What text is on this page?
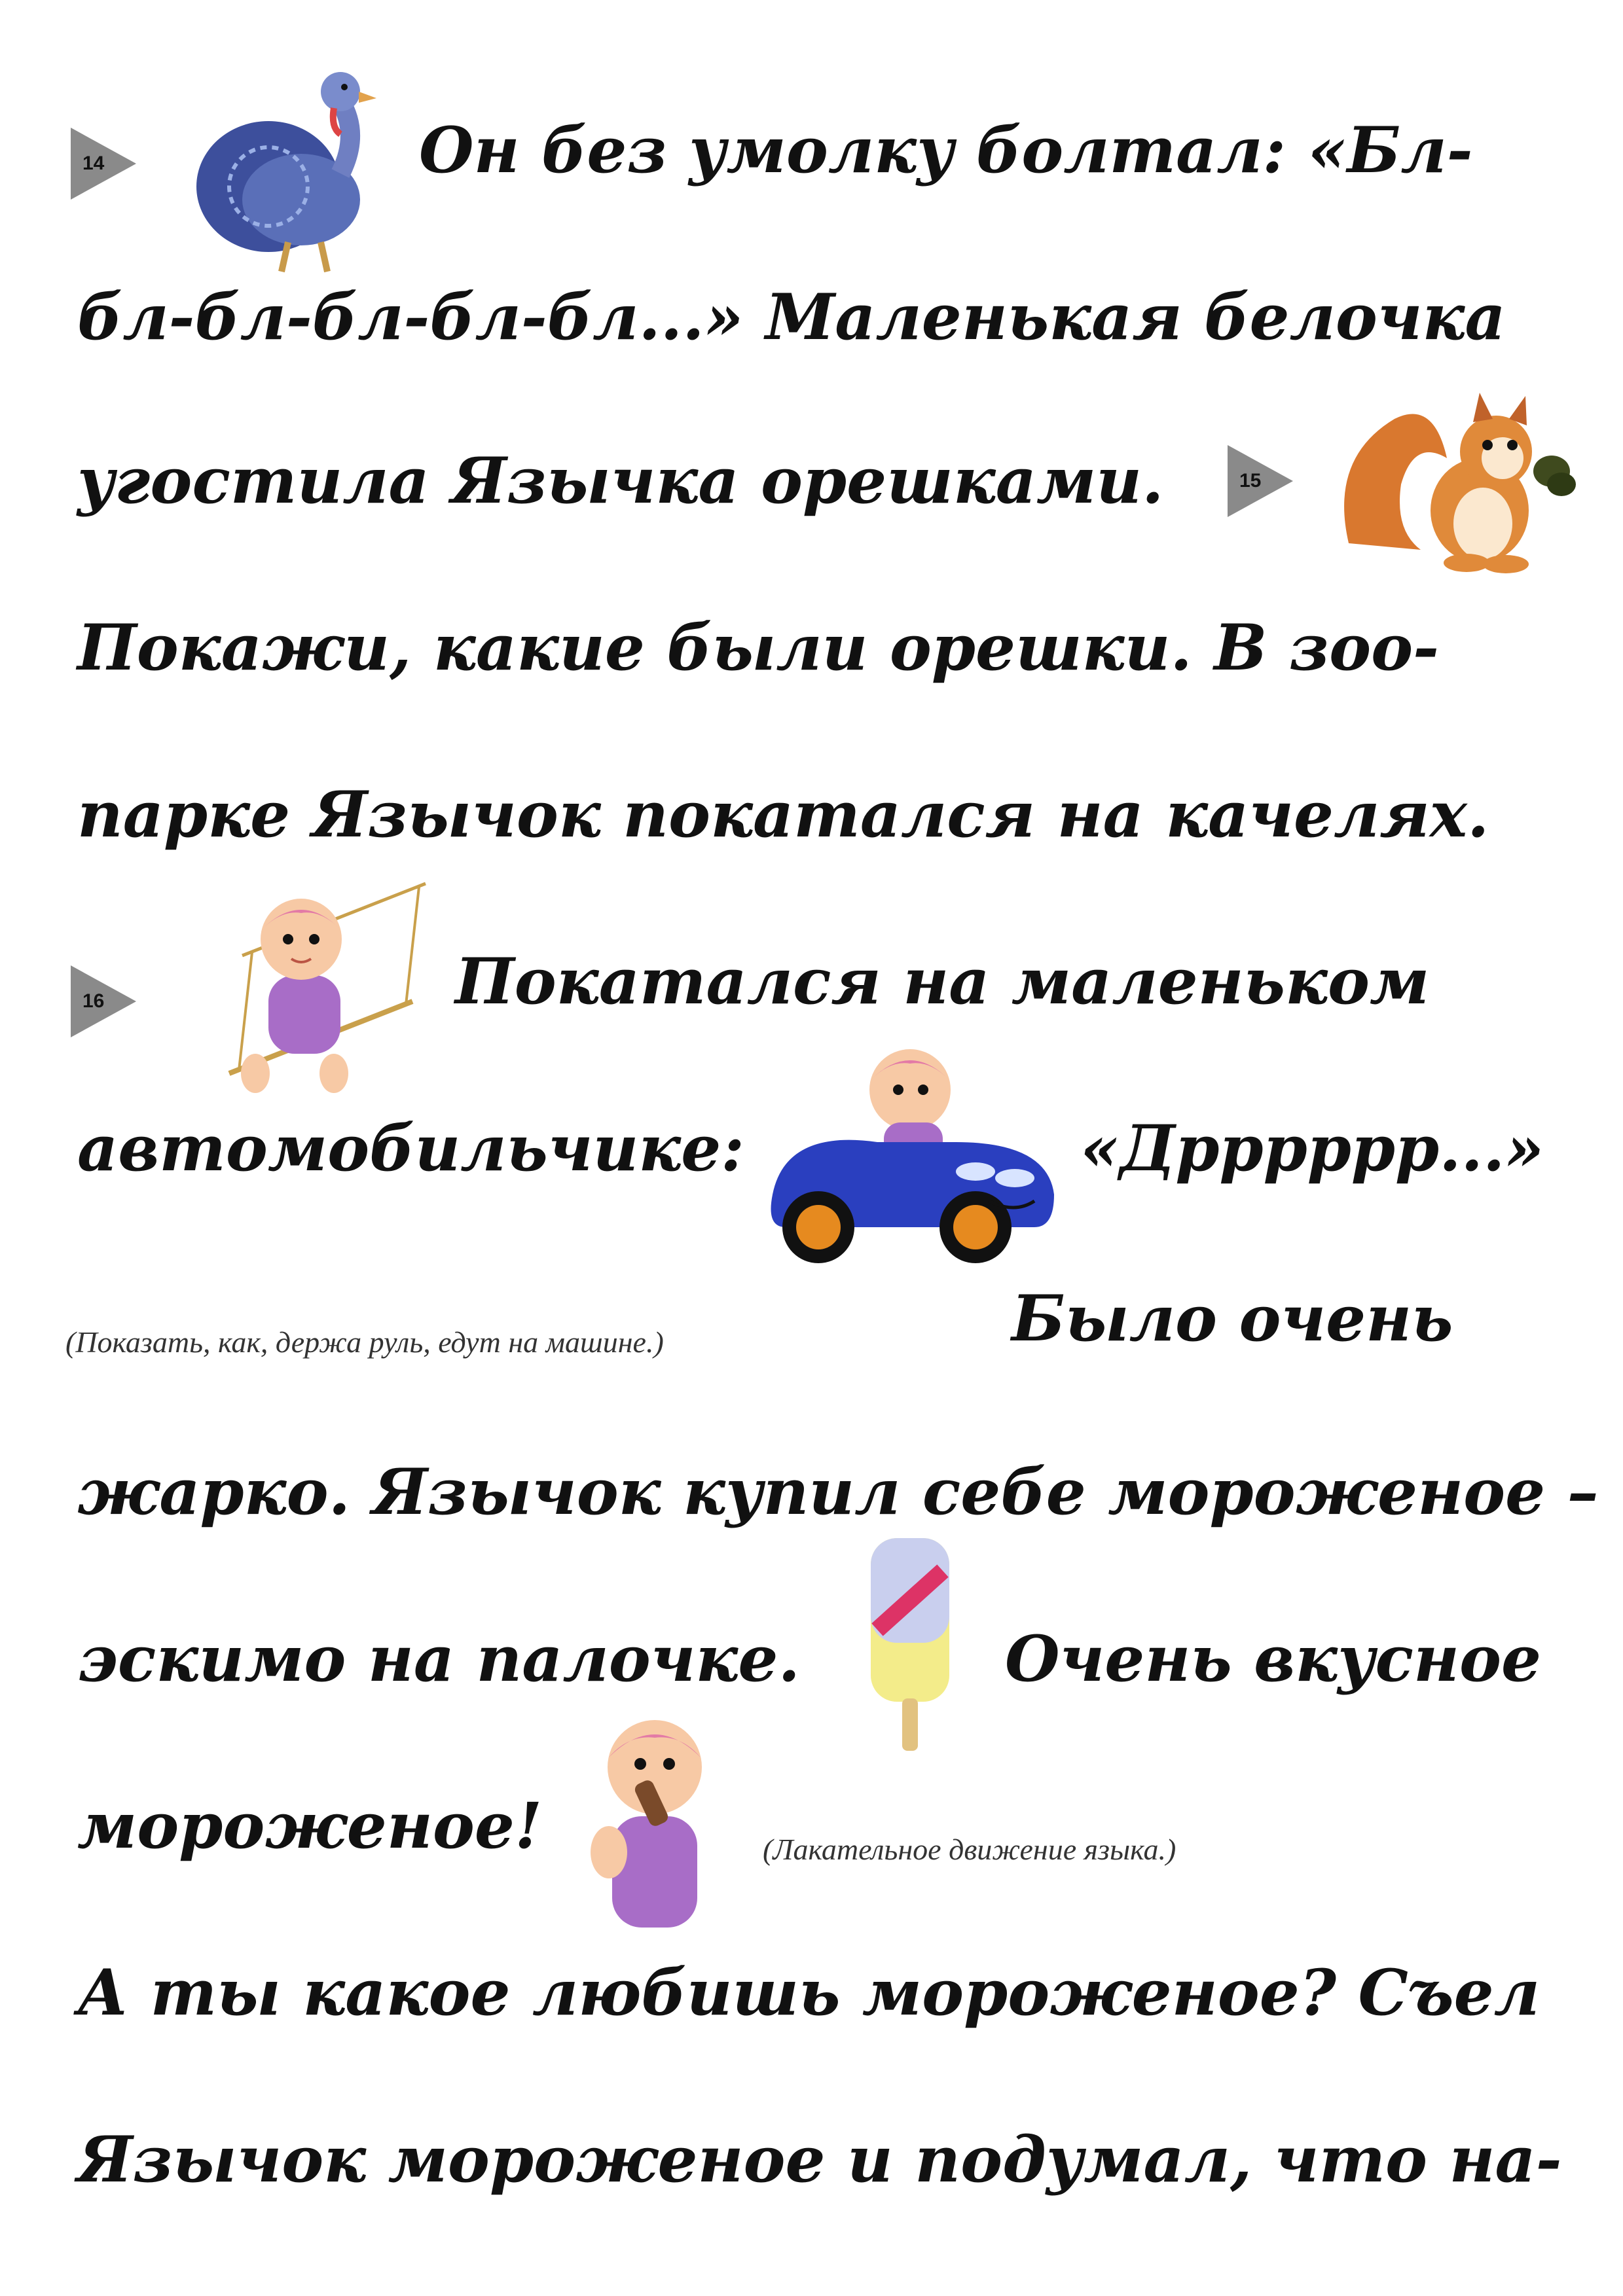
14	Он без умолку болтал: «Бл-
бл-бл-бл-бл-бл...» Маленькая белочка
угостила Язычка орешками.	15
Покажи, какие были орешки. В зоо-
парке Язычок покатался на качелях.
16	Покатался на маленьком
автомобильчике:	«Дрррррр...»
(Показать, как, держа руль, едут на машине.)	Было очень
жарко. Язычок купил себе мороженое –
эскимо на палочке.	Очень вкусное
мороженое!	(Лакательное движение языка.)
А ты какое любишь мороженое? Съел
Язычок мороженое и подумал, что на-
